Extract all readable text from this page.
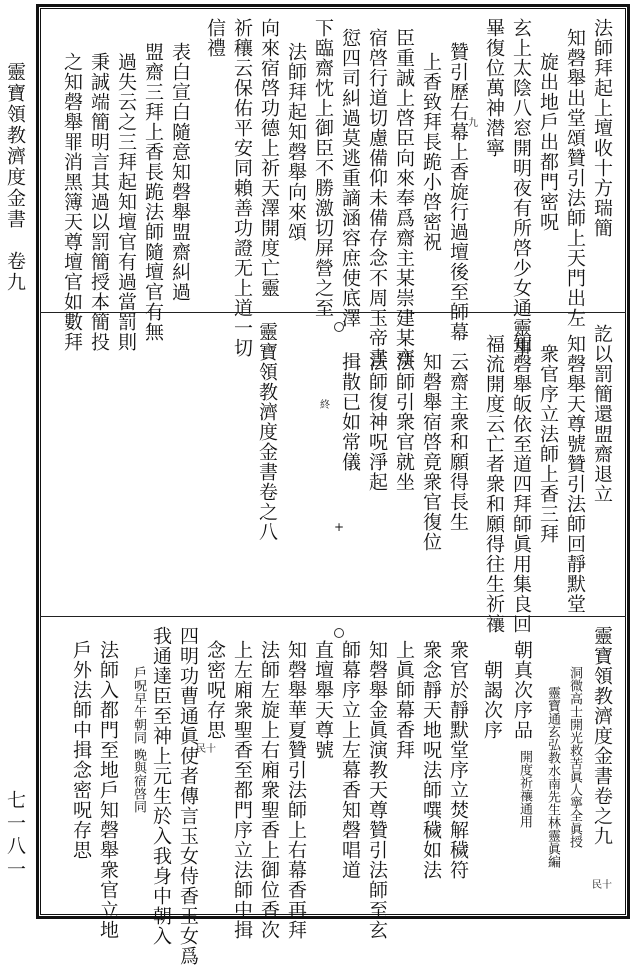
靈寶領教濟度金書　卷九
七一八一
法師拜起上壇收十方瑞簡
知磬舉出堂頌贊引法師上天門出左
旋出地戶出都門密呪
玄上太陰八窓開明夜有所啓少女通靈事
畢復位萬神潜寧
贊引歷右幕上香旋行過壇後至師幕
上香致拜長跪小啓密祝
臣重誠上啓臣向來奉爲齋主某崇建某齋
宿啓行道切慮備仰未備存念不周玉帝書
愆四司糾過莫逃重謫涵容庶使底澤
下臨齋忱上御臣不勝激切屏營之至
法師拜起知磬舉向來頌
向來宿啓功德上祈天澤開度亡靈
祈穰云保佑平安同賴善功證无上道一切
信禮
表白宣白隨意知磬舉盟齋糾過
盟齋三拜上香長跪法師隨壇官有無
過失云之三拜起知壇官有過當罰則
秉誠端簡明言其過以罰簡授本簡投
之知磬舉罪消黑簿天尊壇官如數拜	九
訖以罰簡還盟齋退立
知磬舉天尊號贊引法師回靜默堂
衆官序立法師上香三拜
知磬舉皈依至道四拜師眞用集良回
福流開度云亡者衆和願得往生祈禳
云齋主衆和願得長生
知磬舉宿啓竟衆官復位
法師引衆官就坐
法師復神呪淨起
揖散已如常儀
靈寶領教濟度金書卷之八	終
+
靈寶領教濟度金書卷之九
洞微高士開光救苦眞人寧全眞授
靈寶通玄弘教水南先生林靈眞編
朝真次序品
開度祈禳通用
朝謁次序
衆官於靜默堂序立焚解穢符
衆念靜天地呪法師噀穢如法
上眞師幕香拜
知磬舉金眞演教天尊贊引法師至玄
師幕序立上左幕香知磬唱道
直壇舉天尊號
知磬舉華夏贊引法師上右幕香再拜
法師左旋上右廂衆聖香上御位香次
上左廂衆聖香至都門序立法師中揖
念密呪存思
四明功曹通眞使者傳言玉女侍香玉女爲
我通達臣至神上元生於入我身中朝入
戶呪早午朝同 晚與宿啓同
法師入都門至地戶知磬舉衆官立地
戶外法師中揖念密呪存思
民十
民十
